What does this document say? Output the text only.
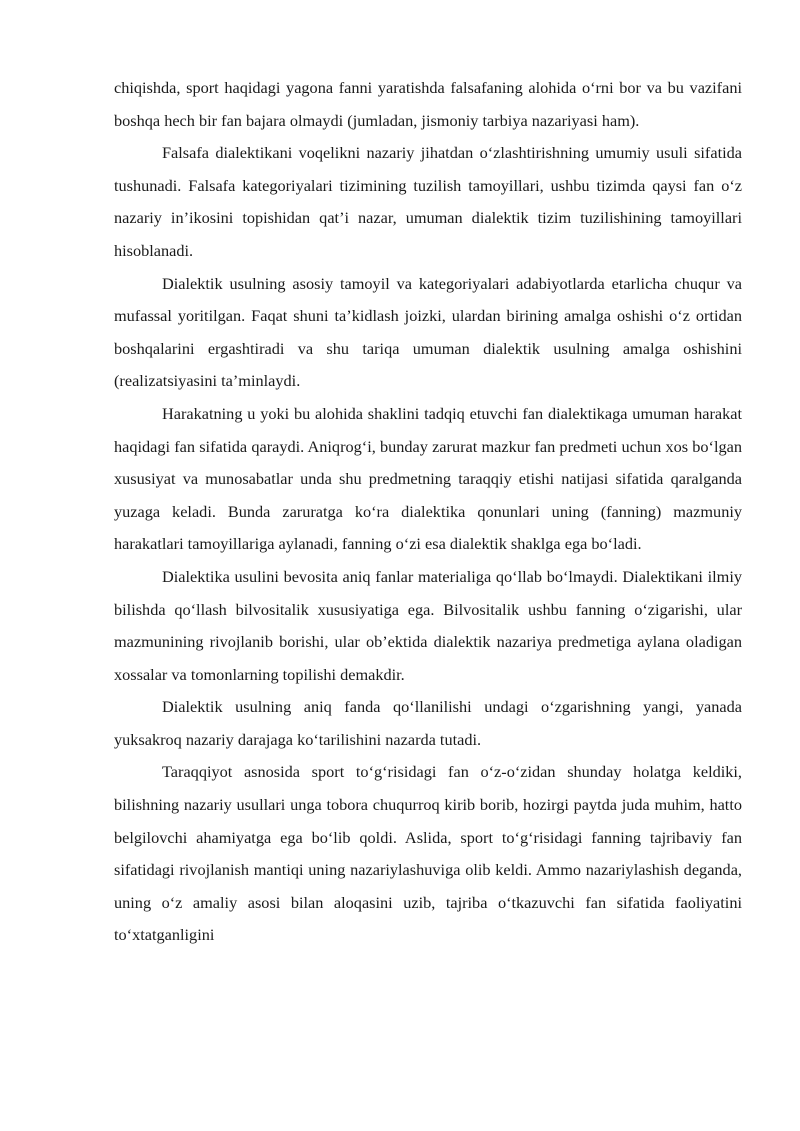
chiqishda, sport haqidagi yagona fanni yaratishda falsafaning alohida o‘rni bor va bu vazifani boshqa hech bir fan bajara olmaydi (jumladan, jismoniy tarbiya nazariyasi ham).

Falsafa dialektikani voqelikni nazariy jihatdan o‘zlashtirishning umumiy usuli sifatida tushunadi. Falsafa kategoriyalari tizimining tuzilish tamoyillari, ushbu tizimda qaysi fan o‘z nazariy in’ikosini topishidan qat’i nazar, umuman dialektik tizim tuzilishining tamoyillari hisoblanadi.

Dialektik usulning asosiy tamoyil va kategoriyalari adabiyotlarda etarlicha chuqur va mufassal yoritilgan. Faqat shuni ta’kidlash joizki, ulardan birining amalga oshishi o‘z ortidan boshqalarini ergashtiradi va shu tariqa umuman dialektik usulning amalga oshishini (realizatsiyasini ta’minlaydi.

Harakatning u yoki bu alohida shaklini tadqiq etuvchi fan dialektikaga umuman harakat haqidagi fan sifatida qaraydi. Aniqrog‘i, bunday zarurat mazkur fan predmeti uchun xos bo‘lgan xususiyat va munosabatlar unda shu predmetning taraqqiy etishi natijasi sifatida qaralganda yuzaga keladi. Bunda zaruratga ko‘ra dialektika qonunlari uning (fanning) mazmuniy harakatlari tamoyillariga aylanadi, fanning o‘zi esa dialektik shaklga ega bo‘ladi.

Dialektika usulini bevosita aniq fanlar materialiga qo‘llab bo‘lmaydi. Dialektikani ilmiy bilishda qo‘llash bilvositalik xususiyatiga ega. Bilvositalik ushbu fanning o‘zigarishi, ular mazmunining rivojlanib borishi, ular ob’ektida dialektik nazariya predmetiga aylana oladigan xossalar va tomonlarning topilishi demakdir.

Dialektik usulning aniq fanda qo‘llanilishi undagi o‘zgarishning yangi, yanada yuksakroq nazariy darajaga ko‘tarilishini nazarda tutadi.

Taraqqiyot asnosida sport to‘g‘risidagi fan o‘z-o‘zidan shunday holatga keldiki, bilishning nazariy usullari unga tobora chuqurroq kirib borib, hozirgi paytda juda muhim, hatto belgilovchi ahamiyatga ega bo‘lib qoldi. Aslida, sport to‘g‘risidagi fanning tajribaviy fan sifatidagi rivojlanish mantiqi uning nazariylashuviga olib keldi. Ammo nazariylashish deganda, uning o‘z amaliy asosi bilan aloqasini uzib, tajriba o‘tkazuvchi fan sifatida faoliyatini to‘xtatganligini
